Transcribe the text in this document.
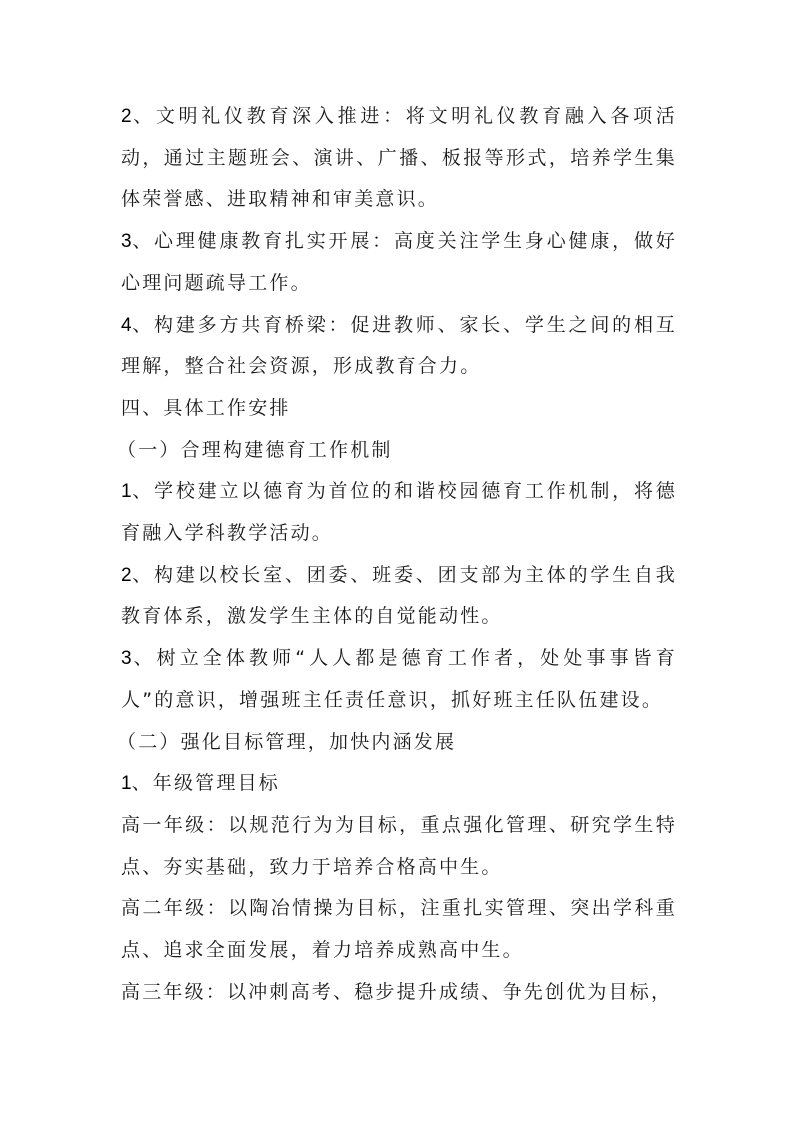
2、文明礼仪教育深入推进：将文明礼仪教育融入各项活动，通过主题班会、演讲、广播、板报等形式，培养学生集体荣誉感、进取精神和审美意识。

3、心理健康教育扎实开展：高度关注学生身心健康，做好心理问题疏导工作。

4、构建多方共育桥梁：促进教师、家长、学生之间的相互理解，整合社会资源，形成教育合力。

四、具体工作安排

（一）合理构建德育工作机制

1、学校建立以德育为首位的和谐校园德育工作机制，将德育融入学科教学活动。

2、构建以校长室、团委、班委、团支部为主体的学生自我教育体系，激发学生主体的自觉能动性。

3、树立全体教师“人人都是德育工作者，处处事事皆育人”的意识，增强班主任责任意识，抓好班主任队伍建设。

（二）强化目标管理，加快内涵发展

1、年级管理目标

高一年级：以规范行为为目标，重点强化管理、研究学生特点、夯实基础，致力于培养合格高中生。

高二年级：以陶冶情操为目标，注重扎实管理、突出学科重点、追求全面发展，着力培养成熟高中生。

高三年级：以冲刺高考、稳步提升成绩、争先创优为目标，
